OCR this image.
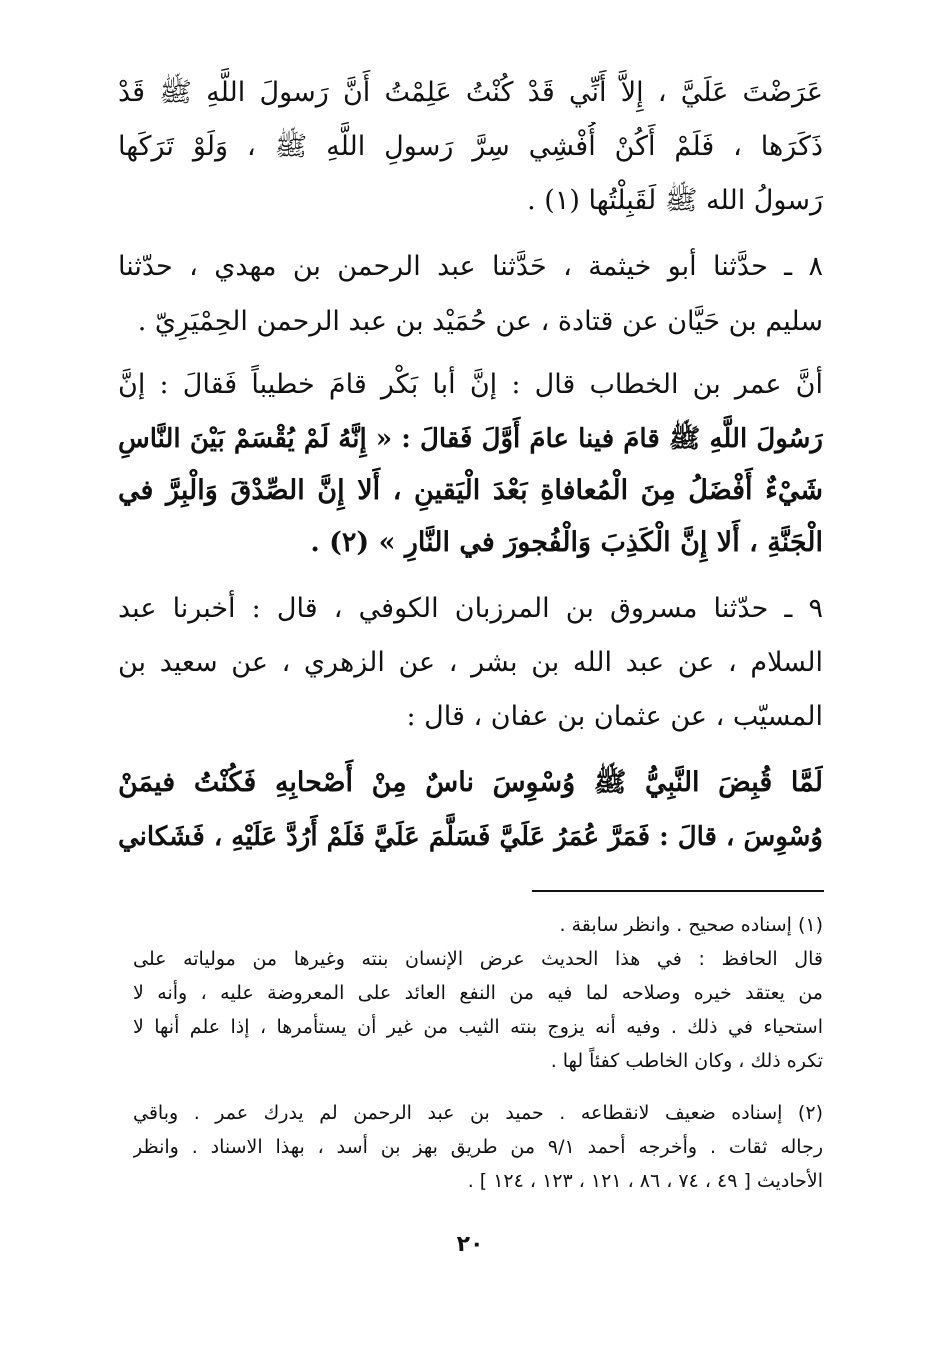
عَرَضْتَ عَلَيَّ ، إِلاَّ أَنِّي قَدْ كُنْتُ عَلِمْتُ أَنَّ رَسولَ اللَّهِ ﷺ قَدْ

ذَكَرَها ، فَلَمْ أَكُنْ أُفْشِي سِرَّ رَسولِ اللَّهِ ﷺ ، وَلَوْ تَرَكَها

رَسولُ الله ﷺ لَقَبِلْتُها (١) .

٨ ـ حدَّثنا أبو خيثمة ، حَدَّثنا عبد الرحمن بن مهدي ، حدّثنا

سليم بن حَيَّان عن قتادة ، عن حُمَيْد بن عبد الرحمن الحِمْيَرِيّ .

أنَّ عمر بن الخطاب قال : إنَّ أبا بَكْر قامَ خطيباً فَقالَ : إنَّ

رَسُولَ اللَّهِ ﷺ قامَ فينا عامَ أَوَّلَ فَقالَ : « إِنَّهُ لَمْ يُقْسَمْ بَيْنَ النَّاسِ

شَيْءٌ أَفْضَلُ مِنَ الْمُعافاةِ بَعْدَ الْيَقينِ ، أَلا إِنَّ الصِّدْقَ وَالْبِرَّ في

الْجَنَّةِ ، أَلا إِنَّ الْكَذِبَ وَالْفُجورَ في النَّارِ » (٢) .

٩ ـ حدّثنا مسروق بن المرزبان الكوفي ، قال : أخبرنا عبد

السلام ، عن عبد الله بن بشر ، عن الزهري ، عن سعيد بن

المسيّب ، عن عثمان بن عفان ، قال :

لَمَّا قُبِضَ النَّبِيُّ ﷺ وُسْوِسَ ناسٌ مِنْ أَصْحابِهِ فَكُنْتُ فيمَنْ

وُسْوِسَ ، قالَ : فَمَرَّ عُمَرُ عَلَيَّ فَسَلَّمَ عَلَيَّ فَلَمْ أَرُدَّ عَلَيْهِ ، فَشَكاني

(١) إسناده صحيح . وانظر سابقة .

قال الحافظ : في هذا الحديث عرض الإنسان بنته وغيرها من مولياته على

من يعتقد خيره وصلاحه لما فيه من النفع العائد على المعروضة عليه ، وأنه لا

استحياء في ذلك . وفيه أنه يزوج بنته الثيب من غير أن يستأمرها ، إذا علم أنها لا

تكره ذلك ، وكان الخاطب كفئاً لها .

(٢) إسناده ضعيف لانقطاعه . حميد بن عبد الرحمن لم يدرك عمر . وباقي

رجاله ثقات . وأخرجه أحمد ٩/١ من طريق بهز بن أسد ، بهذا الاسناد . وانظر

الأحاديث [ ٤٩ ، ٧٤ ، ٨٦ ، ١٢١ ، ١٢٣ ، ١٢٤ ] .

٢٠
